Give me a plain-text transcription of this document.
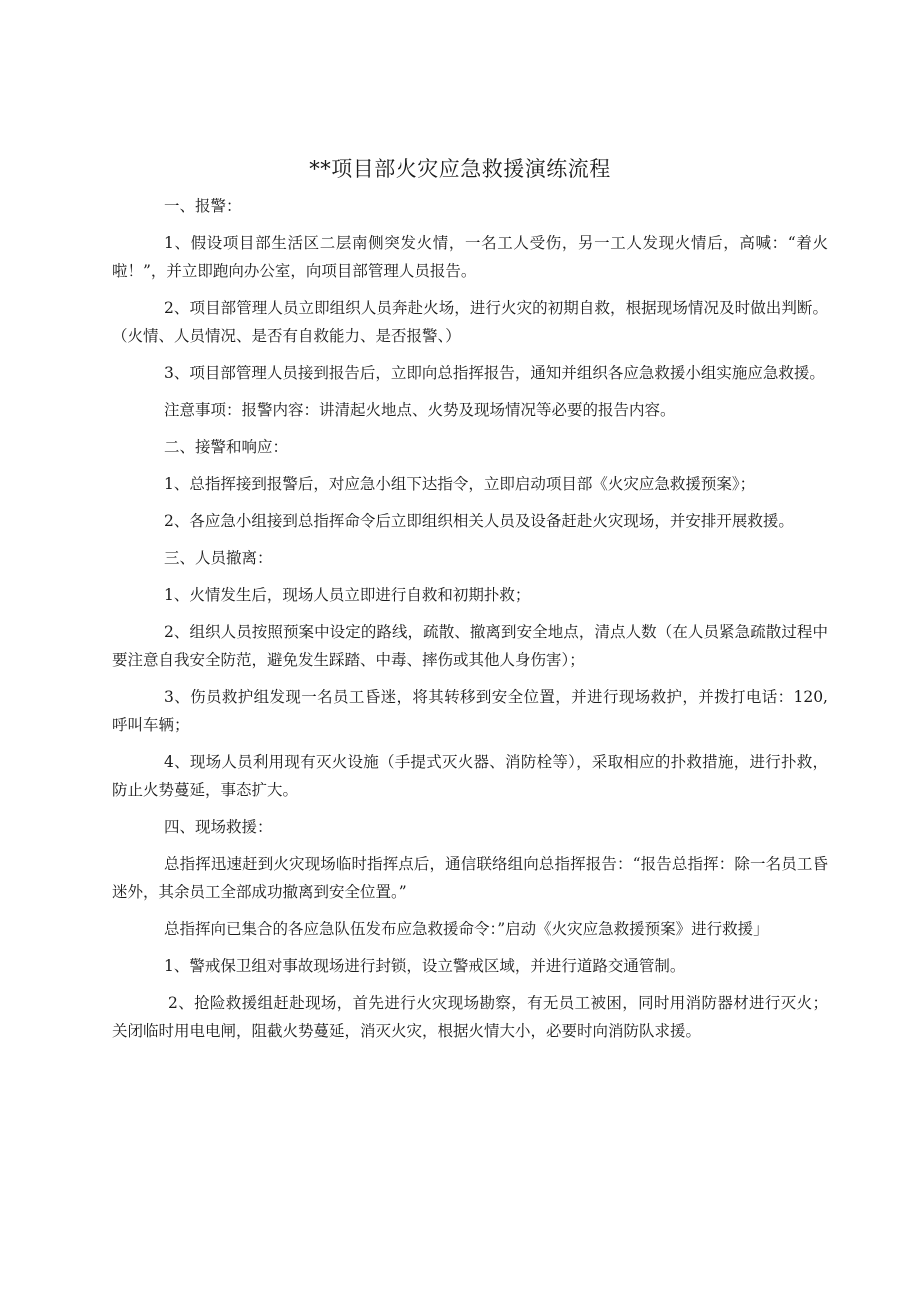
**项目部火灾应急救援演练流程

一、报警：

1、假设项目部生活区二层南侧突发火情，一名工人受伤，另一工人发现火情后，高喊：“着火啦！”，并立即跑向办公室，向项目部管理人员报告。

2、项目部管理人员立即组织人员奔赴火场，进行火灾的初期自救，根据现场情况及时做出判断。（火情、人员情况、是否有自救能力、是否报警、）

3、项目部管理人员接到报告后，立即向总指挥报告，通知并组织各应急救援小组实施应急救援。

注意事项：报警内容：讲清起火地点、火势及现场情况等必要的报告内容。

二、接警和响应：

1、总指挥接到报警后，对应急小组下达指令，立即启动项目部《火灾应急救援预案》；

2、各应急小组接到总指挥命令后立即组织相关人员及设备赶赴火灾现场，并安排开展救援。

三、人员撤离：

1、火情发生后，现场人员立即进行自救和初期扑救；

2、组织人员按照预案中设定的路线，疏散、撤离到安全地点，清点人数（在人员紧急疏散过程中要注意自我安全防范，避免发生踩踏、中毒、摔伤或其他人身伤害）；

3、伤员救护组发现一名员工昏迷，将其转移到安全位置，并进行现场救护，并拨打电话：120,呼叫车辆；

4、现场人员利用现有灭火设施（手提式灭火器、消防栓等），采取相应的扑救措施，进行扑救，防止火势蔓延，事态扩大。

四、现场救援：

总指挥迅速赶到火灾现场临时指挥点后，通信联络组向总指挥报告：“报告总指挥：除一名员工昏迷外，其余员工全部成功撤离到安全位置。”

总指挥向已集合的各应急队伍发布应急救援命令：”启动《火灾应急救援预案》进行救援」

1、警戒保卫组对事故现场进行封锁，设立警戒区域，并进行道路交通管制。

2、抢险救援组赶赴现场，首先进行火灾现场勘察，有无员工被困，同时用消防器材进行灭火；关闭临时用电电闸，阻截火势蔓延，消灭火灾，根据火情大小，必要时向消防队求援。
